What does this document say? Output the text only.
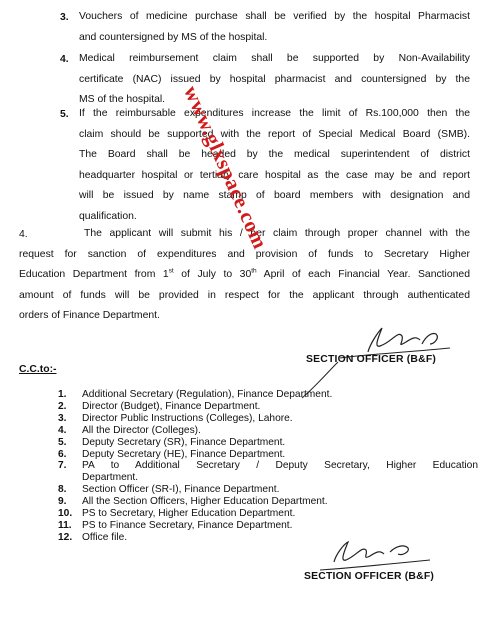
3. Vouchers of medicine purchase shall be verified by the hospital Pharmacist
and countersigned by MS of the hospital.
4. Medical reimbursement claim shall be supported by Non-Availability
certificate (NAC) issued by hospital pharmacist and countersigned by the
MS of the hospital.
5. If the reimbursable expenditures increase the limit of Rs.100,000 then the
claim should be supported with the report of Special Medical Board (SMB).
The Board shall be headed by the medical superintendent of district
headquarter hospital or tertiary care hospital as the case may be and report
will be issued by name stamp of board members with designation and
qualification.
4.	The applicant will submit his / her claim through proper channel with the
request for sanction of expenditures and provision of funds to Secretary Higher
Education Department from 1st of July to 30th April of each Financial Year. Sanctioned
amount of funds will be provided in respect for the applicant through authenticated
orders of Finance Department.
SECTION OFFICER (B&F)
C.C.to:-
1. Additional Secretary (Regulation), Finance Department.
2. Director (Budget), Finance Department.
3. Director Public Instructions (Colleges), Lahore.
4. All the Director (Colleges).
5. Deputy Secretary (SR), Finance Department.
6. Deputy Secretary (HE), Finance Department.
7. PA to Additional Secretary / Deputy Secretary, Higher Education
Department.
8. Section Officer (SR-I), Finance Department.
9. All the Section Officers, Higher Education Department.
10. PS to Secretary, Higher Education Department.
11. PS to Finance Secretary, Finance Department.
12. Office file.
SECTION OFFICER (B&F)
www.glxspace.com
